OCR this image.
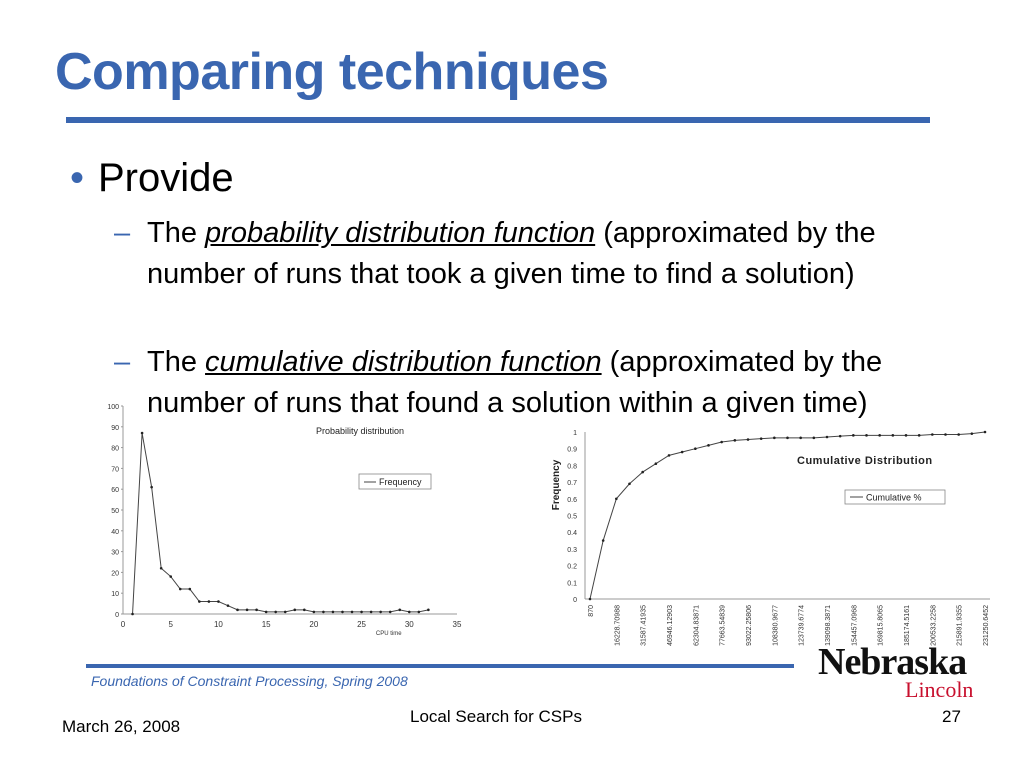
Comparing techniques
• Provide
0
10
20
30
40
50
60
70
80
90
100
0	5	10	15	20	25	30	35
CPU time
Probability distribution
Frequency
0
0.1
0.2
0.3
0.4
0.5
0.6
0.7
0.8
0.9
1
Frequency	Cumulative Distribution
870	16228.70988	31587.41935	46946.12903	62304.83871	77663.54839	93022.25806	108380.9677	123739.6774	139098.3871	154457.0968	169815.8065	185174.5161	200533.2258	215891.9355	231250.6452
Cumulative %
– The probability distribution function (approximated by the number of runs that took a given time to find a solution)
– The cumulative distribution function (approximated by the number of runs that found a solution within a given time)
Foundations of Constraint Processing, Spring 2008
March 26, 2008
Local Search for CSPs	27
Nebraska
Lincoln
